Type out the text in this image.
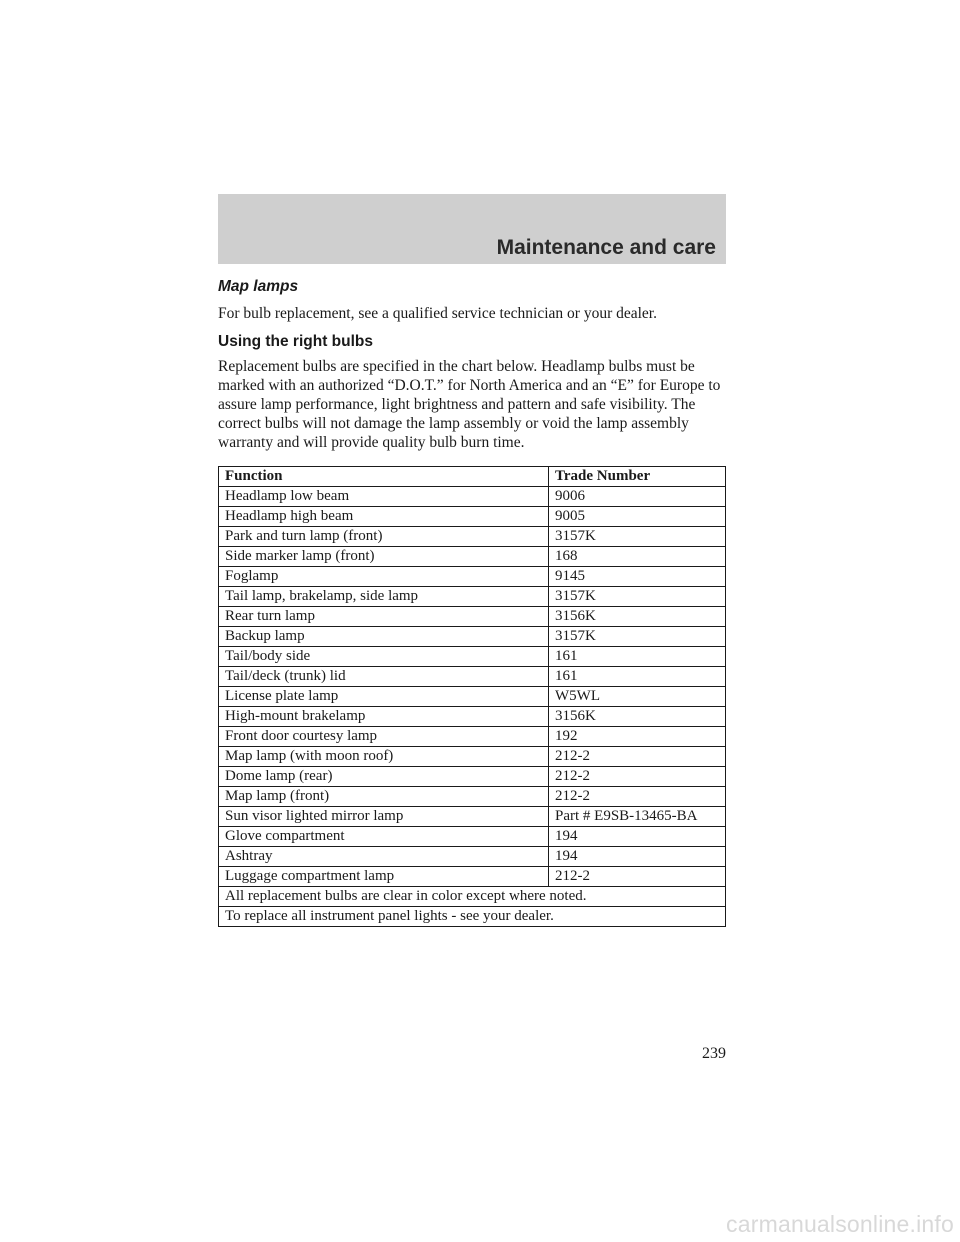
Maintenance and care
Map lamps

For bulb replacement, see a qualified service technician or your dealer.

Using the right bulbs

Replacement bulbs are specified in the chart below. Headlamp bulbs must be marked with an authorized “D.O.T.” for North America and an “E” for Europe to assure lamp performance, light brightness and pattern and safe visibility. The correct bulbs will not damage the lamp assembly or void the lamp assembly warranty and will provide quality bulb burn time.

Function	Trade Number
Headlamp low beam	9006
Headlamp high beam	9005
Park and turn lamp (front)	3157K
Side marker lamp (front)	168
Foglamp	9145
Tail lamp, brakelamp, side lamp	3157K
Rear turn lamp	3156K
Backup lamp	3157K
Tail/body side	161
Tail/deck (trunk) lid	161
License plate lamp	W5WL
High-mount brakelamp	3156K
Front door courtesy lamp	192
Map lamp (with moon roof)	212-2
Dome lamp (rear)	212-2
Map lamp (front)	212-2
Sun visor lighted mirror lamp	Part # E9SB-13465-BA
Glove compartment	194
Ashtray	194
Luggage compartment lamp	212-2
All replacement bulbs are clear in color except where noted.	
To replace all instrument panel lights - see your dealer.	
239
carmanualsonline.info
